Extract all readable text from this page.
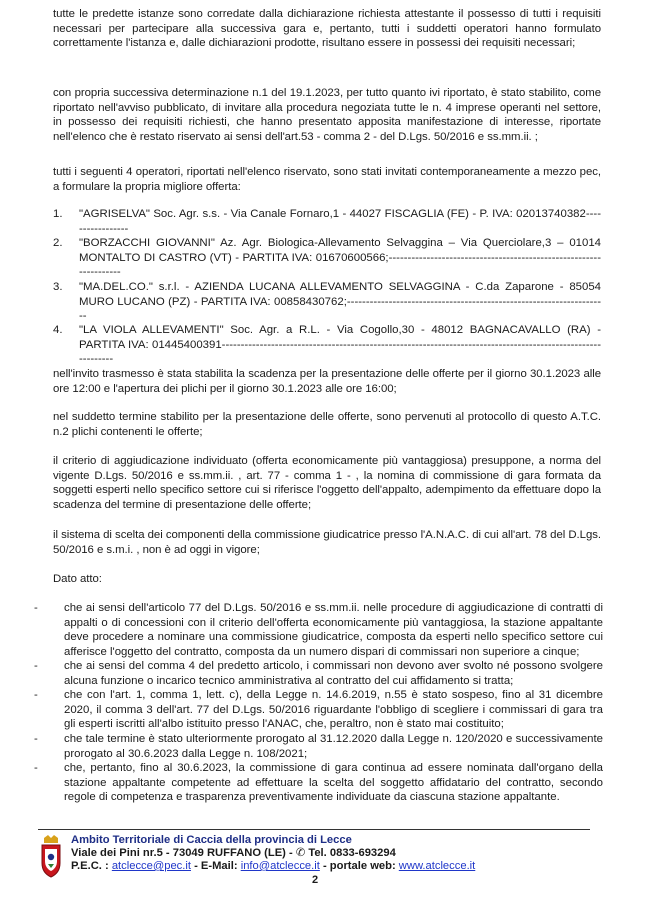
tutte le predette istanze sono corredate dalla dichiarazione richiesta attestante il possesso di tutti i requisiti necessari per partecipare alla successiva gara e, pertanto, tutti i suddetti operatori hanno formulato correttamente l'istanza e, dalle dichiarazioni prodotte, risultano essere in possessi dei requisiti necessari;

con propria successiva determinazione n.1 del 19.1.2023, per tutto quanto ivi riportato, è stato stabilito, come riportato nell'avviso pubblicato, di invitare alla procedura negoziata tutte le n. 4 imprese operanti nel settore, in possesso dei requisiti richiesti, che hanno presentato apposita manifestazione di interesse, riportate nell'elenco che è restato riservato ai sensi dell'art.53 - comma 2 - del D.Lgs. 50/2016 e ss.mm.ii. ;

tutti i seguenti 4 operatori, riportati nell'elenco riservato, sono stati invitati contemporaneamente a mezzo pec, a formulare la propria migliore offerta:

1.	"AGRISELVA" Soc. Agr. s.s. - Via Canale Fornaro,1 - 44027 FISCAGLIA (FE) - P. IVA: 02013740382-----------------
2.	"BORZACCHI GIOVANNI" Az. Agr. Biologica-Allevamento Selvaggina – Via Querciolare,3 – 01014 MONTALTO DI CASTRO (VT) - PARTITA IVA: 01670600566;-------------------------------------------------------------------
3.	"MA.DEL.CO." s.r.l. - AZIENDA LUCANA ALLEVAMENTO SELVAGGINA - C.da Zaparone - 85054 MURO LUCANO (PZ) - PARTITA IVA: 00858430762;---------------------------------------------------------------------
4.	"LA VIOLA ALLEVAMENTI" Soc. Agr. a R.L. - Via Cogollo,30 - 48012 BAGNACAVALLO (RA) - PARTITA IVA: 01445400391-------------------------------------------------------------------------------------------------------------

nell'invito trasmesso è stata stabilita la scadenza per la presentazione delle offerte per il giorno 30.1.2023 alle ore 12:00 e l'apertura dei plichi per il giorno 30.1.2023 alle ore 16:00;

nel suddetto termine stabilito per la presentazione delle offerte, sono pervenuti al protocollo di questo A.T.C. n.2 plichi contenenti le offerte;

il criterio di aggiudicazione individuato (offerta economicamente più vantaggiosa) presuppone, a norma del vigente D.Lgs. 50/2016 e ss.mm.ii. , art. 77 - comma 1 - , la nomina di commissione di gara formata da soggetti esperti nello specifico settore cui si riferisce l'oggetto dell'appalto, adempimento da effettuare dopo la scadenza del termine di presentazione delle offerte;

il sistema di scelta dei componenti della commissione giudicatrice presso l'A.N.A.C. di cui all'art. 78 del D.Lgs. 50/2016 e s.m.i. , non è ad oggi in vigore;

Dato atto:

- che ai sensi dell'articolo 77 del D.Lgs. 50/2016 e ss.mm.ii. nelle procedure di aggiudicazione di contratti di appalti o di concessioni con il criterio dell'offerta economicamente più vantaggiosa, la stazione appaltante deve procedere a nominare una commissione giudicatrice, composta da esperti nello specifico settore cui afferisce l'oggetto del contratto, composta da un numero dispari di commissari non superiore a cinque;
- che ai sensi del comma 4 del predetto articolo, i commissari non devono aver svolto né possono svolgere alcuna funzione o incarico tecnico amministrativa al contratto del cui affidamento si tratta;
- che con l'art. 1, comma 1, lett. c), della Legge n. 14.6.2019, n.55 è stato sospeso, fino al 31 dicembre 2020, il comma 3 dell'art. 77 del D.Lgs. 50/2016 riguardante l'obbligo di scegliere i commissari di gara tra gli esperti iscritti all'albo istituito presso l'ANAC, che, peraltro, non è stato mai costituito;
- che tale termine è stato ulteriormente prorogato al 31.12.2020 dalla Legge n. 120/2020 e successivamente prorogato al 30.6.2023 dalla Legge n. 108/2021;
- che, pertanto, fino al 30.6.2023, la commissione di gara continua ad essere nominata dall'organo della stazione appaltante competente ad effettuare la scelta del soggetto affidatario del contratto, secondo regole di competenza e trasparenza preventivamente individuate da ciascuna stazione appaltante.
Ambito Territoriale di Caccia della provincia di Lecce
Viale dei Pini nr.5 - 73049 RUFFANO (LE) - ✆ Tel. 0833-693294
P.E.C. : atclecce@pec.it - E-Mail: info@atclecce.it - portale web: www.atclecce.it
2
